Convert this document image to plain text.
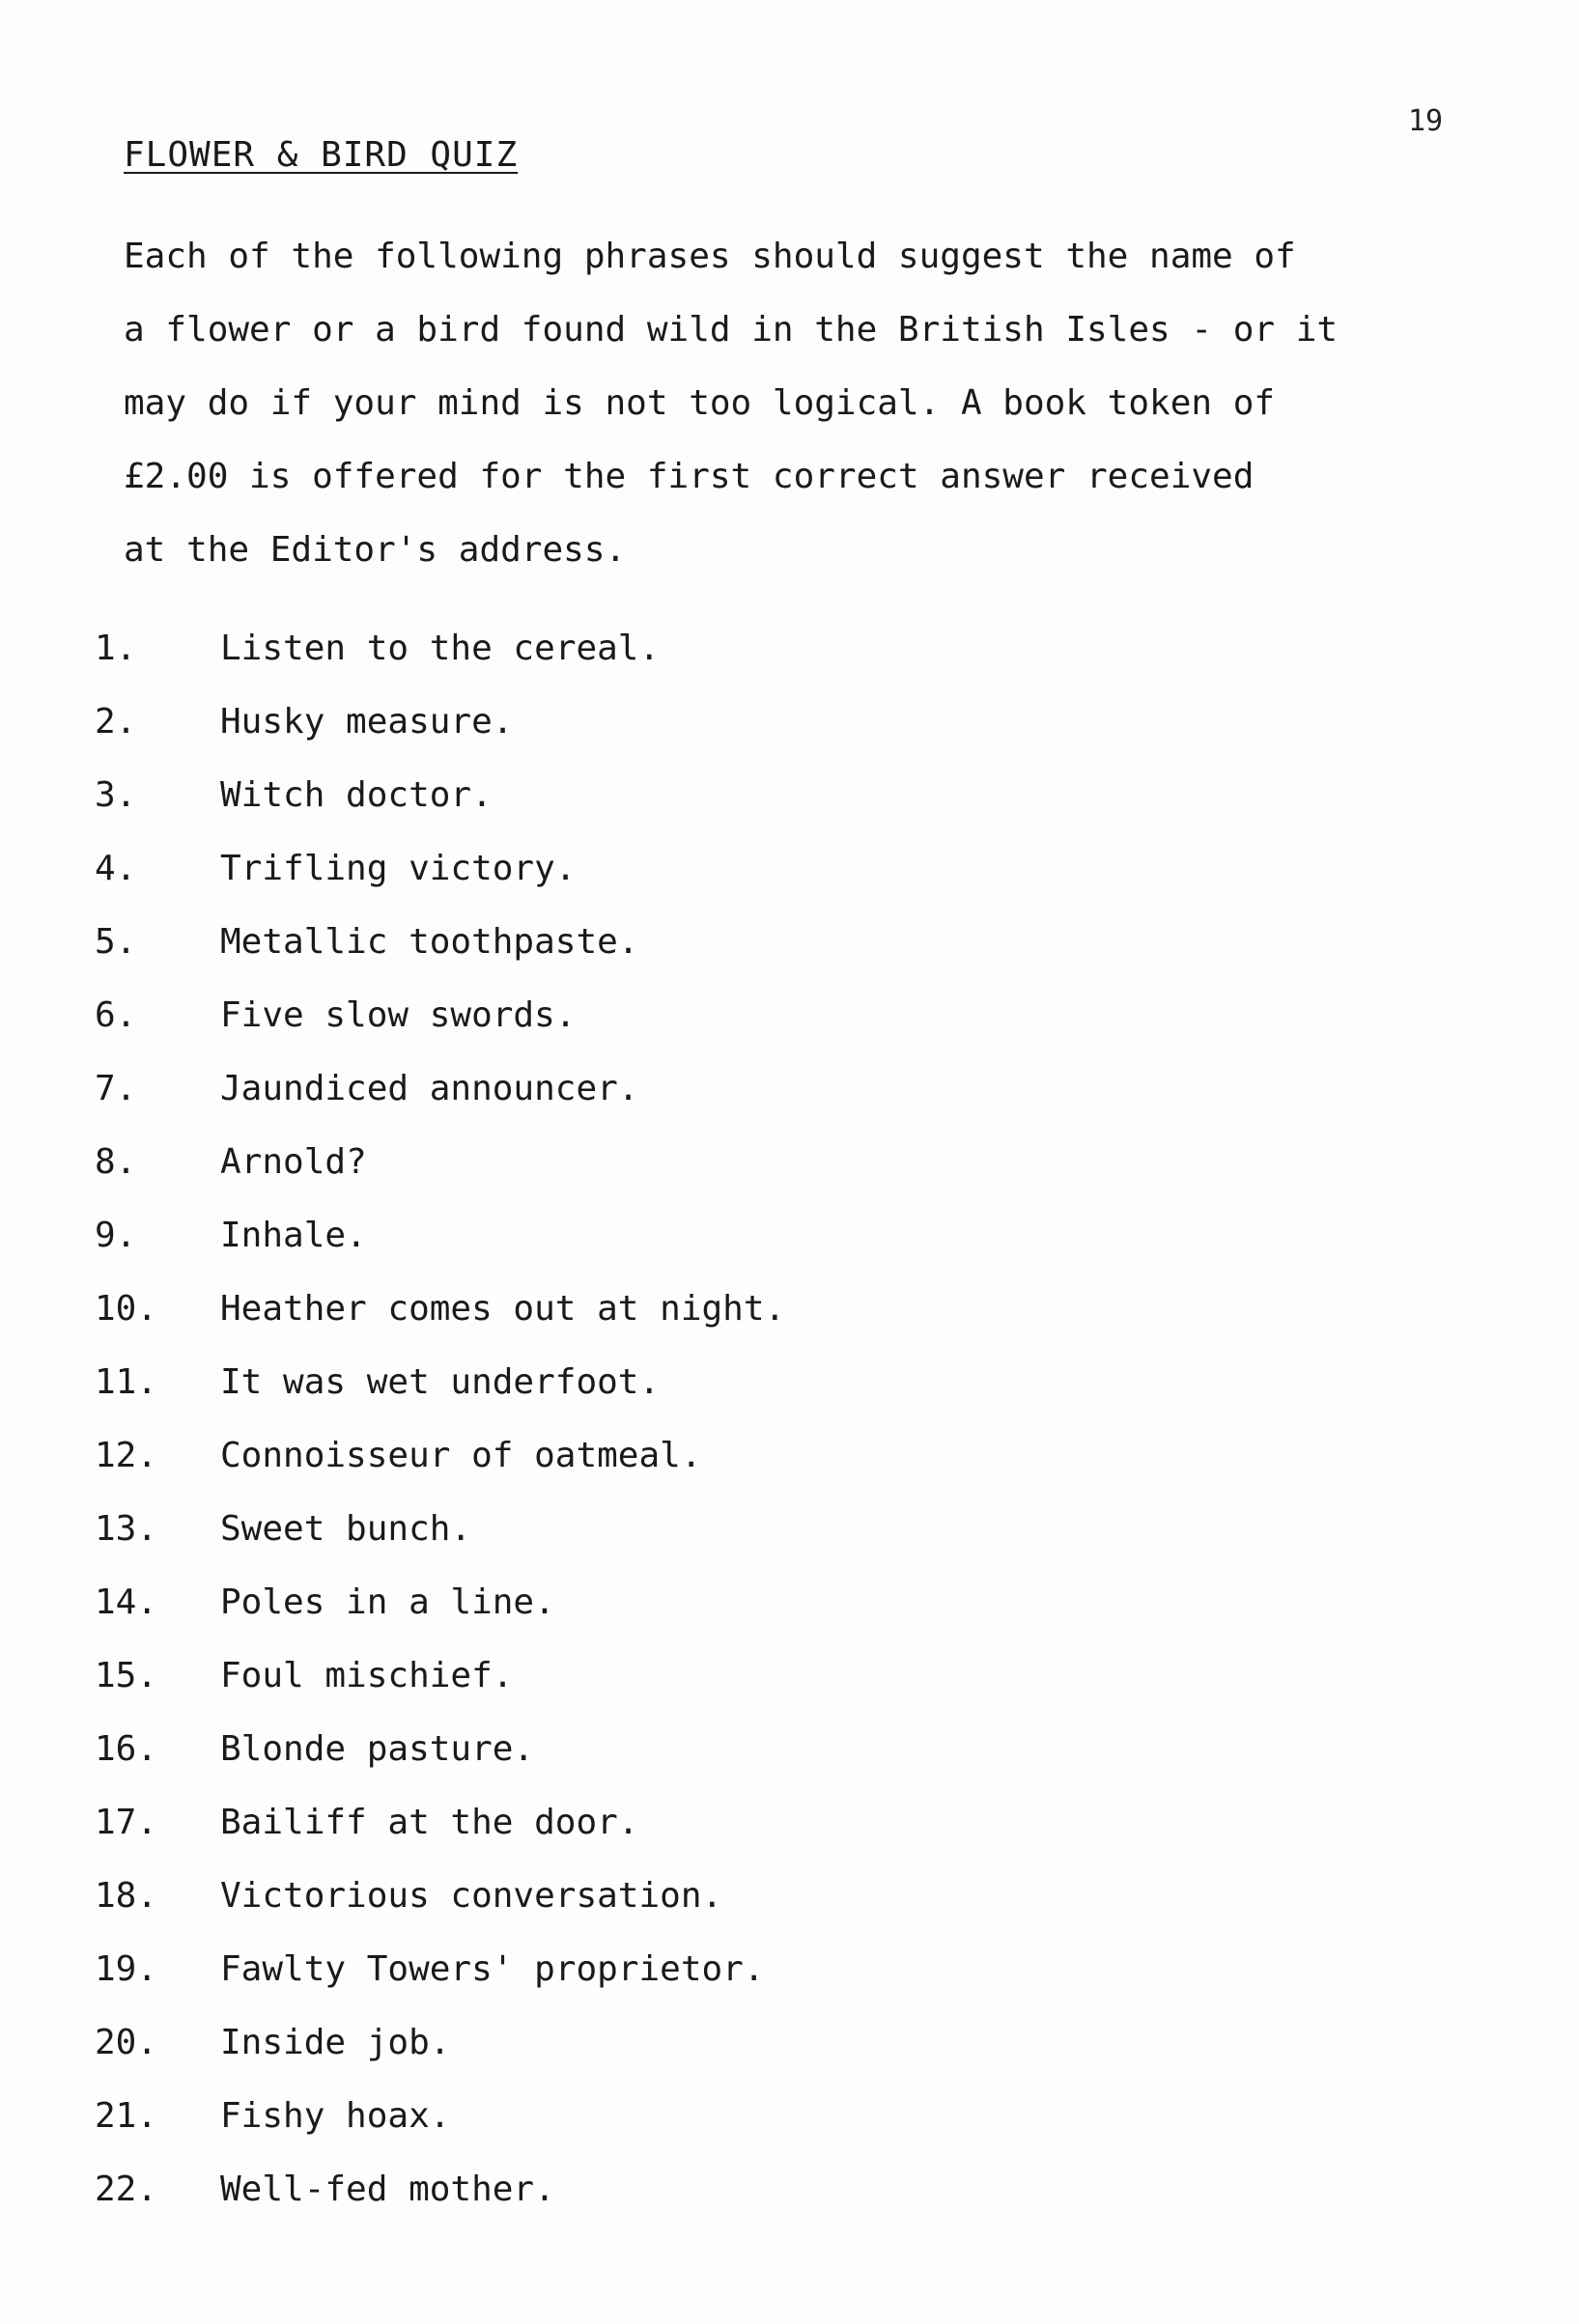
19
FLOWER & BIRD QUIZ
Each of the following phrases should suggest the name of
a flower or a bird found wild in the British Isles - or it
may do if your mind is not too logical. A book token of
£2.00 is offered for the first correct answer received
at the Editor's address.
1. Listen to the cereal.
2. Husky measure.
3. Witch doctor.
4. Trifling victory.
5. Metallic toothpaste.
6. Five slow swords.
7. Jaundiced announcer.
8. Arnold?
9. Inhale.
10. Heather comes out at night.
11. It was wet underfoot.
12. Connoisseur of oatmeal.
13. Sweet bunch.
14. Poles in a line.
15. Foul mischief.
16. Blonde pasture.
17. Bailiff at the door.
18. Victorious conversation.
19. Fawlty Towers' proprietor.
20. Inside job.
21. Fishy hoax.
22. Well-fed mother.
